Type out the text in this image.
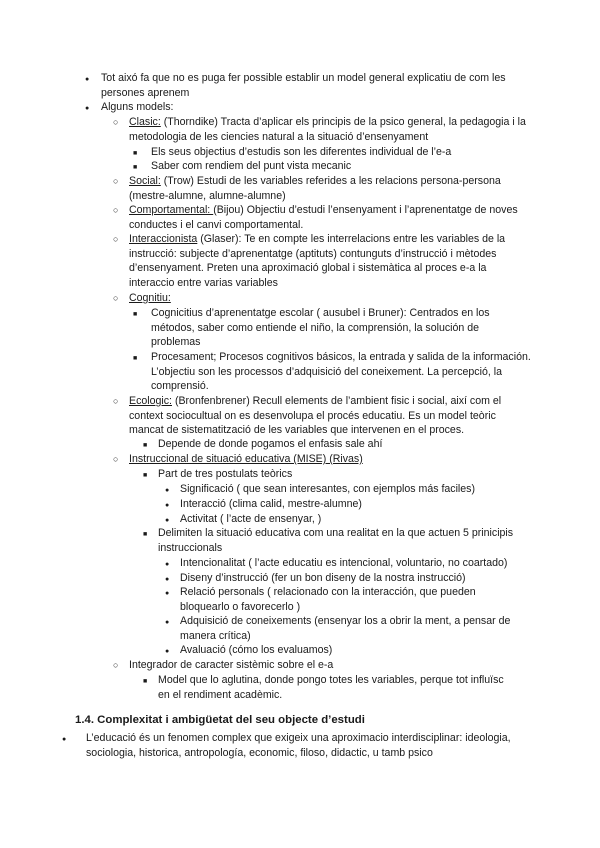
●
Tot aixó fa que no es puga fer possible establir un model general explicatiu de com les persones aprenem
●
Alguns models:
○
Clasic: (Thorndike) Tracta d’aplicar els principis de la psico general, la pedagogia i la metodologia de les ciencies natural a la situació d’ensenyament
■
Els seus objectius d’estudis son les diferentes individual de l’e-a
■
Saber com rendiem del punt vista mecanic
○
Social: (Trow) Estudi de les variables referides a les relacions persona-persona (mestre-alumne, alumne-alumne)
○
Comportamental: (Bijou) Objectiu d’estudi l’ensenyament i l’aprenentatge de noves conductes i el canvi comportamental.
○
Interaccionista (Glaser): Te en compte les interrelacions entre les variables de la instrucció: subjecte d’aprenentatge (aptituts) contunguts d’instrucció i mètodes d’ensenyament. Preten una aproximació global i sistemàtica al proces e-a la interaccio entre varias variables
○
Cognitiu:
■
Cognicitius d’aprenentatge escolar ( ausubel i Bruner): Centrados en los métodos, saber como entiende el niño, la comprensión, la solución de problemas
■
Procesament; Procesos cognitivos básicos, la entrada y salida de la información. L’objectiu son les processos d’adquisició del coneixement. La percepció, la comprensió.
○
Ecologic: (Bronfenbrener) Recull elements de l’ambient fisic i social, així com el context sociocultual on es desenvolupa el procés educatiu. Es un model teòric mancat de sistematització de les variables que intervenen en el proces.
■
Depende de donde pogamos el enfasis sale ahí
○
Instruccional de situació educativa (MISE) (Rivas)
■
Part de tres postulats teòrics
●
Significació ( que sean interesantes, con ejemplos más faciles)
●
Interacció (clima calid, mestre-alumne)
●
Activitat ( l’acte de ensenyar, )
■
Delimiten la situació educativa com una realitat en la que actuen 5 prinicipis instruccionals
●
Intencionalitat ( l’acte educatiu es intencional, voluntario, no coartado)
●
Diseny d’instrucció (fer un bon diseny de la nostra instrucció)
●
Relació personals ( relacionado con la interacción, que pueden bloquearlo o favorecerlo )
●
Adquisició de coneixements (ensenyar los a obrir la ment, a pensar de manera crítica)
●
Avaluació (cómo los evaluamos)
○
Integrador de caracter sistèmic sobre el e-a
■
Model que lo aglutina, donde pongo totes les variables, perque tot influïsc en el rendiment acadèmic.
1.4. Complexitat i ambigüetat del seu objecte d’estudi
●
L’educació és un fenomen complex que exigeix una aproximacio interdisciplinar: ideologia, sociologia, historica, antropología, economic, filoso, didactic, u tamb psico
